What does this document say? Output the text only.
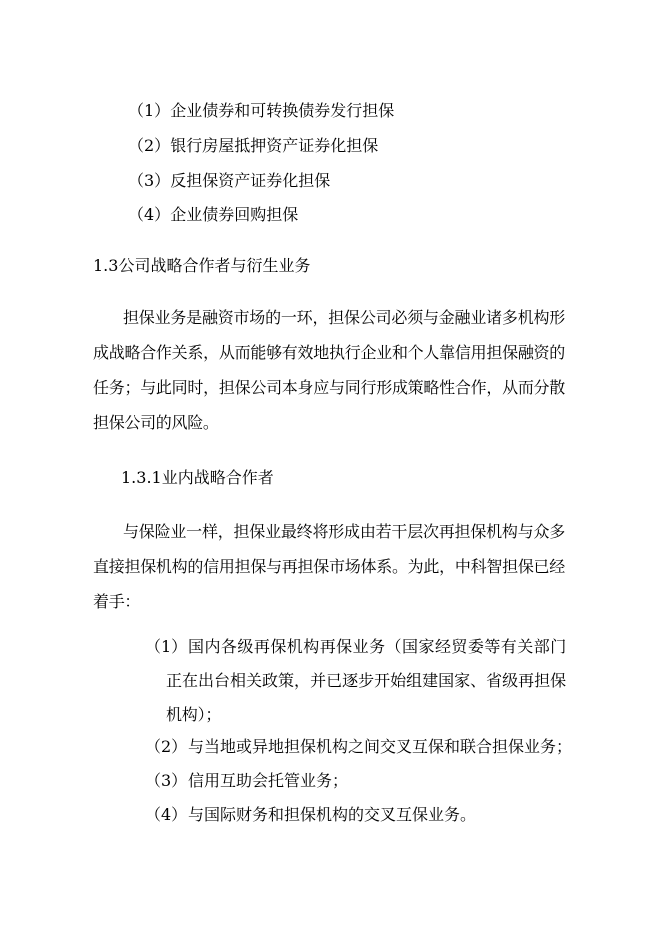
（1）企业债券和可转换债券发行担保
（2）银行房屋抵押资产证券化担保
（3）反担保资产证券化担保
（4）企业债券回购担保
1.3公司战略合作者与衍生业务
担保业务是融资市场的一环，担保公司必须与金融业诸多机构形成战略合作关系，从而能够有效地执行企业和个人靠信用担保融资的任务；与此同时，担保公司本身应与同行形成策略性合作，从而分散担保公司的风险。
1.3.1业内战略合作者
与保险业一样，担保业最终将形成由若干层次再担保机构与众多直接担保机构的信用担保与再担保市场体系。为此，中科智担保已经着手：
（1） 国内各级再保机构再保业务（国家经贸委等有关部门正在出台相关政策，并已逐步开始组建国家、省级再担保机构）；
（2） 与当地或异地担保机构之间交叉互保和联合担保业务；
（3） 信用互助会托管业务；
（4） 与国际财务和担保机构的交叉互保业务。
